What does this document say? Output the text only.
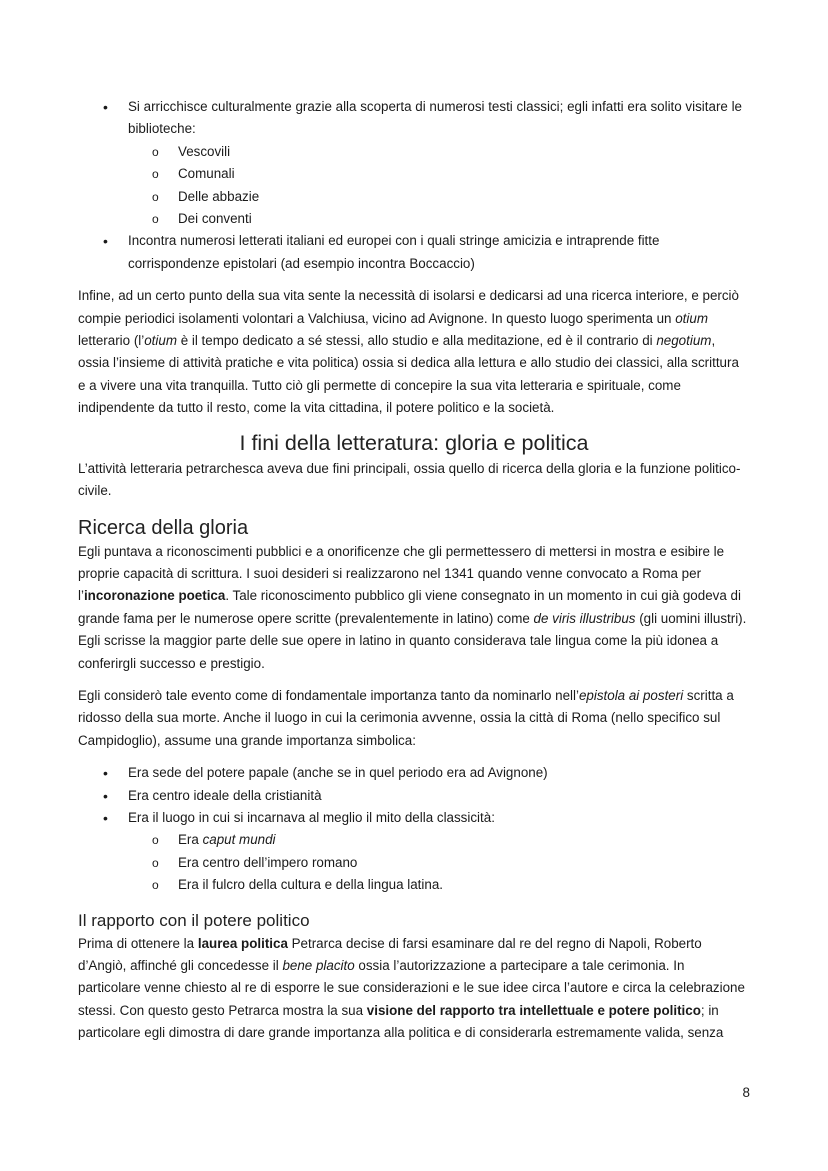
• Si arricchisce culturalmente grazie alla scoperta di numerosi testi classici; egli infatti era solito visitare le biblioteche:
o Vescovili
o Comunali
o Delle abbazie
o Dei conventi
• Incontra numerosi letterati italiani ed europei con i quali stringe amicizia e intraprende fitte corrispondenze epistolari (ad esempio incontra Boccaccio)

Infine, ad un certo punto della sua vita sente la necessità di isolarsi e dedicarsi ad una ricerca interiore, e perciò compie periodici isolamenti volontari a Valchiusa, vicino ad Avignone. In questo luogo sperimenta un otium letterario (l’otium è il tempo dedicato a sé stessi, allo studio e alla meditazione, ed è il contrario di negotium, ossia l’insieme di attività pratiche e vita politica) ossia si dedica alla lettura e allo studio dei classici, alla scrittura e a vivere una vita tranquilla. Tutto ciò gli permette di concepire la sua vita letteraria e spirituale, come indipendente da tutto il resto, come la vita cittadina, il potere politico e la società.

I fini della letteratura: gloria e politica

L’attività letteraria petrarchesca aveva due fini principali, ossia quello di ricerca della gloria e la funzione politico-civile.

Ricerca della gloria

Egli puntava a riconoscimenti pubblici e a onorificenze che gli permettessero di mettersi in mostra e esibire le proprie capacità di scrittura. I suoi desideri si realizzarono nel 1341 quando venne convocato a Roma per l’incoronazione poetica. Tale riconoscimento pubblico gli viene consegnato in un momento in cui già godeva di grande fama per le numerose opere scritte (prevalentemente in latino) come de viris illustribus (gli uomini illustri). Egli scrisse la maggior parte delle sue opere in latino in quanto considerava tale lingua come la più idonea a conferirgli successo e prestigio.

Egli considerò tale evento come di fondamentale importanza tanto da nominarlo nell’epistola ai posteri scritta a ridosso della sua morte. Anche il luogo in cui la cerimonia avvenne, ossia la città di Roma (nello specifico sul Campidoglio), assume una grande importanza simbolica:

• Era sede del potere papale (anche se in quel periodo era ad Avignone)
• Era centro ideale della cristianità
• Era il luogo in cui si incarnava al meglio il mito della classicità:
o Era caput mundi
o Era centro dell’impero romano
o Era il fulcro della cultura e della lingua latina.
Il rapporto con il potere politico

Prima di ottenere la laurea politica Petrarca decise di farsi esaminare dal re del regno di Napoli, Roberto d’Angiò, affinché gli concedesse il bene placito ossia l’autorizzazione a partecipare a tale cerimonia. In particolare venne chiesto al re di esporre le sue considerazioni e le sue idee circa l’autore e circa la celebrazione stessi. Con questo gesto Petrarca mostra la sua visione del rapporto tra intellettuale e potere politico; in particolare egli dimostra di dare grande importanza alla politica e di considerarla estremamente valida, senza

8
